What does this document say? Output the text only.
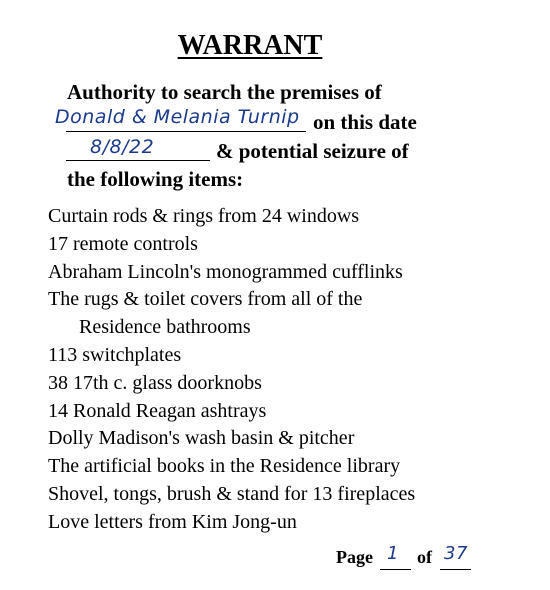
WARRANT
Authority to search the premises of
Donald & Melania Turnip on this date
8/8/22	& potential seizure of
the following items:
Curtain rods & rings from 24 windows
17 remote controls
Abraham Lincoln's monogrammed cufflinks
The rugs & toilet covers from all of the
Residence bathrooms
113 switchplates
38 17th c. glass doorknobs
14 Ronald Reagan ashtrays
Dolly Madison's wash basin & pitcher
The artificial books in the Residence library
Shovel, tongs, brush & stand for 13 fireplaces
Love letters from Kim Jong-un
Page 1 of 37
